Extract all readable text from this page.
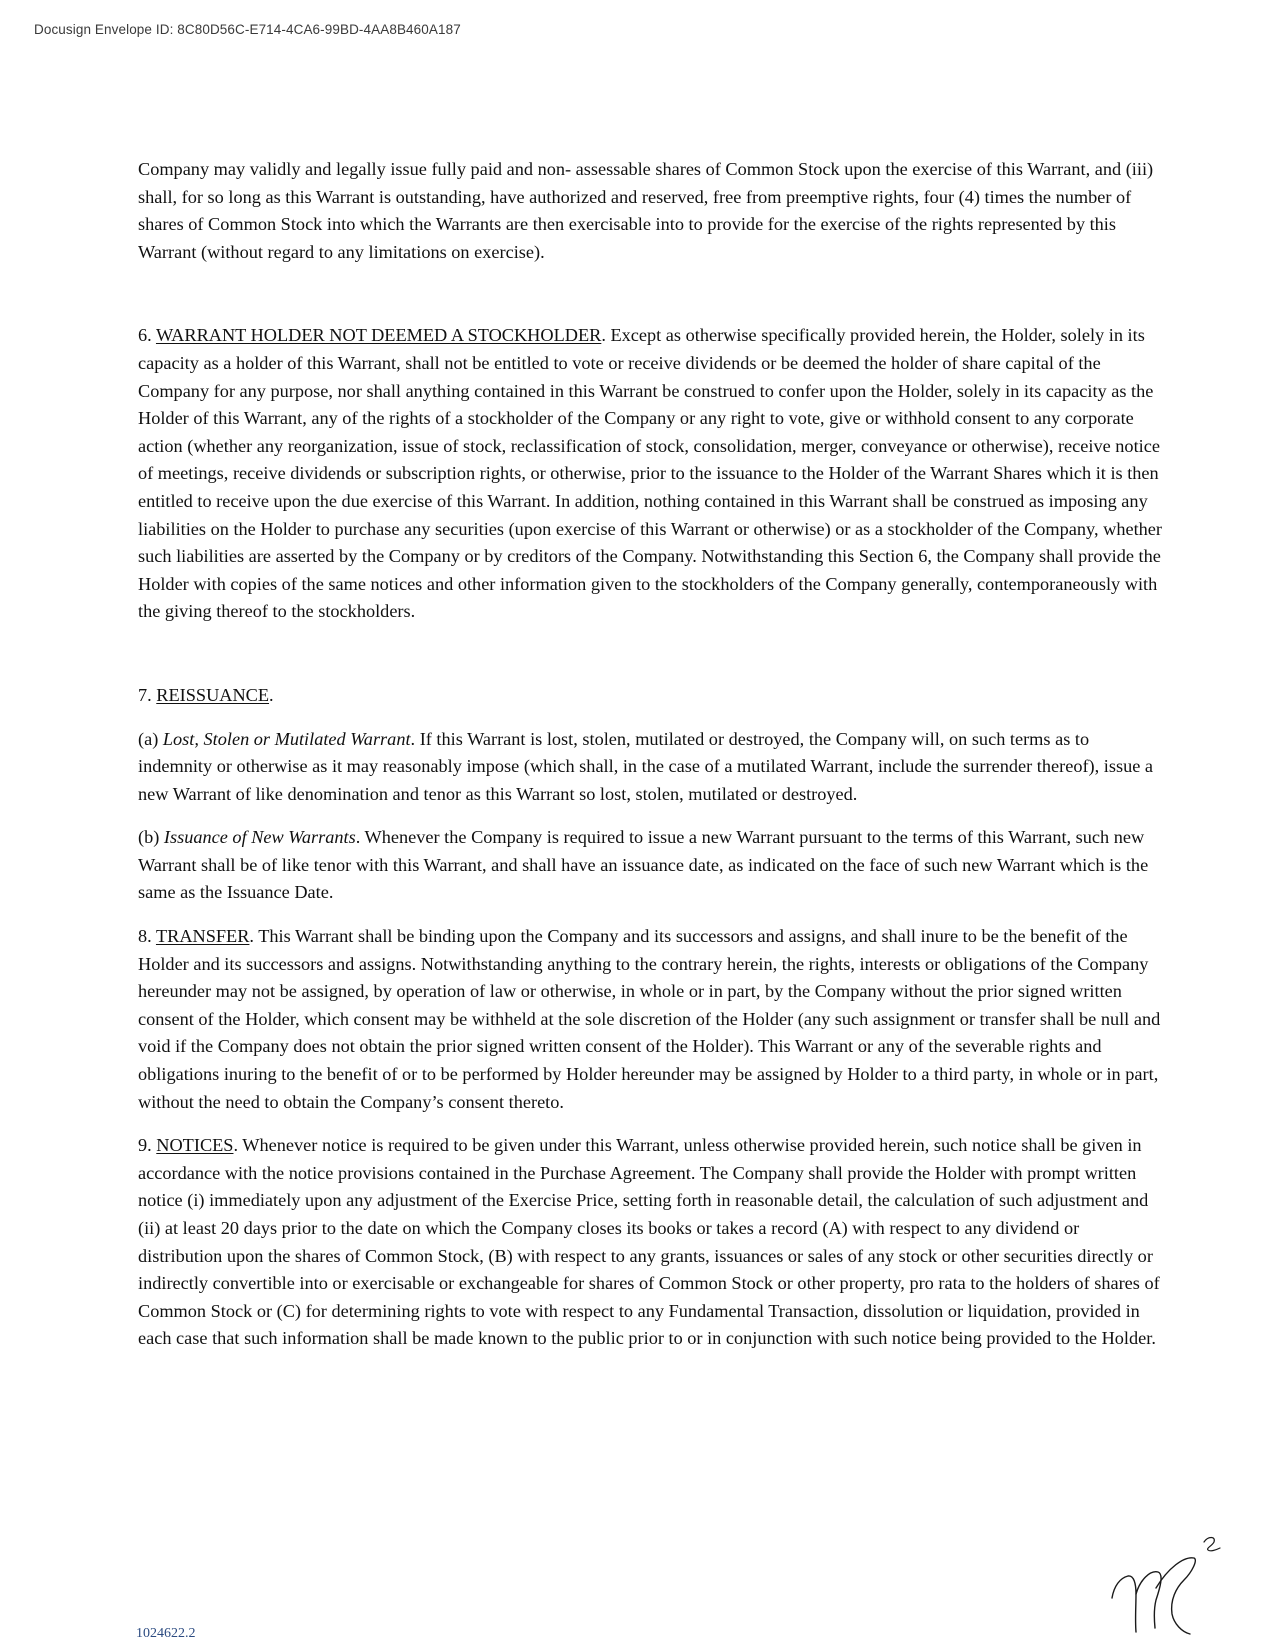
Docusign Envelope ID: 8C80D56C-E714-4CA6-99BD-4AA8B460A187

Company may validly and legally issue fully paid and non- assessable shares of Common Stock upon the exercise of this Warrant, and (iii) shall, for so long as this Warrant is outstanding, have authorized and reserved, free from preemptive rights, four (4) times the number of shares of Common Stock into which the Warrants are then exercisable into to provide for the exercise of the rights represented by this Warrant (without regard to any limitations on exercise).

6. WARRANT HOLDER NOT DEEMED A STOCKHOLDER. Except as otherwise specifically provided herein, the Holder, solely in its capacity as a holder of this Warrant, shall not be entitled to vote or receive dividends or be deemed the holder of share capital of the Company for any purpose, nor shall anything contained in this Warrant be construed to confer upon the Holder, solely in its capacity as the Holder of this Warrant, any of the rights of a stockholder of the Company or any right to vote, give or withhold consent to any corporate action (whether any reorganization, issue of stock, reclassification of stock, consolidation, merger, conveyance or otherwise), receive notice of meetings, receive dividends or subscription rights, or otherwise, prior to the issuance to the Holder of the Warrant Shares which it is then entitled to receive upon the due exercise of this Warrant. In addition, nothing contained in this Warrant shall be construed as imposing any liabilities on the Holder to purchase any securities (upon exercise of this Warrant or otherwise) or as a stockholder of the Company, whether such liabilities are asserted by the Company or by creditors of the Company. Notwithstanding this Section 6, the Company shall provide the Holder with copies of the same notices and other information given to the stockholders of the Company generally, contemporaneously with the giving thereof to the stockholders.

7. REISSUANCE.

(a) Lost, Stolen or Mutilated Warrant. If this Warrant is lost, stolen, mutilated or destroyed, the Company will, on such terms as to indemnity or otherwise as it may reasonably impose (which shall, in the case of a mutilated Warrant, include the surrender thereof), issue a new Warrant of like denomination and tenor as this Warrant so lost, stolen, mutilated or destroyed.

(b) Issuance of New Warrants. Whenever the Company is required to issue a new Warrant pursuant to the terms of this Warrant, such new Warrant shall be of like tenor with this Warrant, and shall have an issuance date, as indicated on the face of such new Warrant which is the same as the Issuance Date.

8. TRANSFER. This Warrant shall be binding upon the Company and its successors and assigns, and shall inure to be the benefit of the Holder and its successors and assigns. Notwithstanding anything to the contrary herein, the rights, interests or obligations of the Company hereunder may not be assigned, by operation of law or otherwise, in whole or in part, by the Company without the prior signed written consent of the Holder, which consent may be withheld at the sole discretion of the Holder (any such assignment or transfer shall be null and void if the Company does not obtain the prior signed written consent of the Holder). This Warrant or any of the severable rights and obligations inuring to the benefit of or to be performed by Holder hereunder may be assigned by Holder to a third party, in whole or in part, without the need to obtain the Company’s consent thereto.

9. NOTICES. Whenever notice is required to be given under this Warrant, unless otherwise provided herein, such notice shall be given in accordance with the notice provisions contained in the Purchase Agreement. The Company shall provide the Holder with prompt written notice (i) immediately upon any adjustment of the Exercise Price, setting forth in reasonable detail, the calculation of such adjustment and (ii) at least 20 days prior to the date on which the Company closes its books or takes a record (A) with respect to any dividend or distribution upon the shares of Common Stock, (B) with respect to any grants, issuances or sales of any stock or other securities directly or indirectly convertible into or exercisable or exchangeable for shares of Common Stock or other property, pro rata to the holders of shares of Common Stock or (C) for determining rights to vote with respect to any Fundamental Transaction, dissolution or liquidation, provided in each case that such information shall be made known to the public prior to or in conjunction with such notice being provided to the Holder.

1024622.2
